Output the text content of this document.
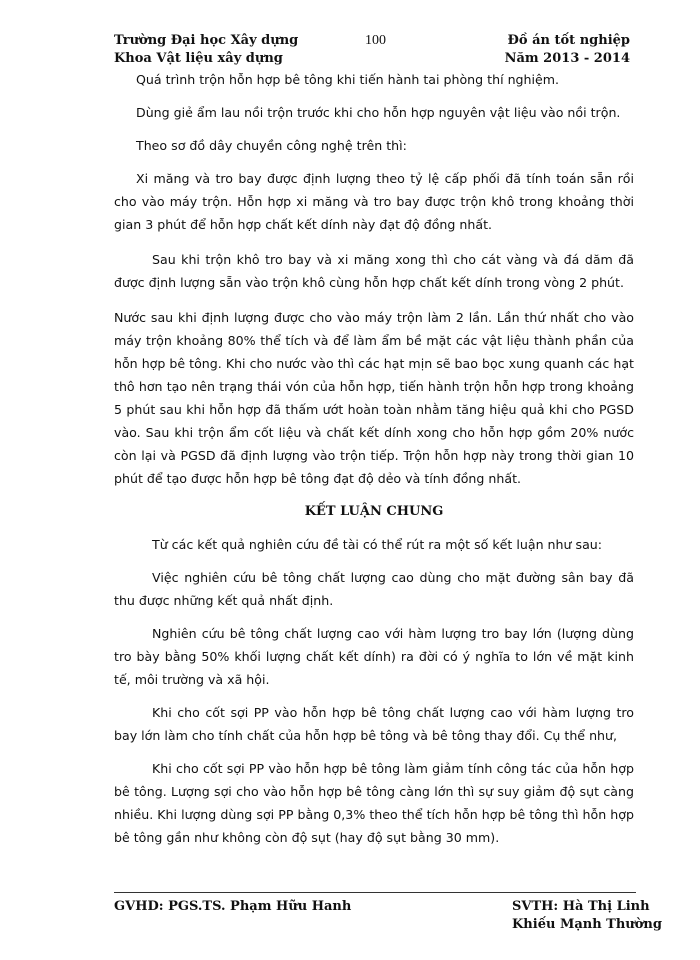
Trường Đại học Xây dựng
Khoa Vật liệu xây dựng
100	Đồ án tốt nghiệp
Năm 2013 - 2014

Quá trình trộn hỗn hợp bê tông khi tiến hành tai phòng thí nghiệm.

Dùng giẻ ẩm lau nồi trộn trước khi cho hỗn hợp nguyên vật liệu vào nồi trộn.

Theo sơ đồ dây chuyền công nghệ trên thì:

Xi măng và tro bay được định lượng theo tỷ lệ cấp phối đã tính toán sẵn rồi cho vào máy trộn. Hỗn hợp xi măng và tro bay được trộn khô trong khoảng thời gian 3 phút để hỗn hợp chất kết dính này đạt độ đồng nhất.

Sau khi trộn khô tro bay và xi măng xong thì cho cát vàng và đá dăm đã được định lượng sẵn vào trộn khô cùng hỗn hợp chất kết dính trong vòng 2 phút.

Nước sau khi định lượng được cho vào máy trộn làm 2 lần. Lần thứ nhất cho vào máy trộn khoảng 80% thể tích và để làm ẩm bề mặt các vật liệu thành phần của hỗn hợp bê tông. Khi cho nước vào thì các hạt mịn sẽ bao bọc xung quanh các hạt thô hơn tạo nên trạng thái vón của hỗn hợp, tiến hành trộn hỗn hợp trong khoảng 5 phút sau khi hỗn hợp đã thấm ướt hoàn toàn nhằm tăng hiệu quả khi cho PGSD vào. Sau khi trộn ẩm cốt liệu và chất kết dính xong cho hỗn hợp gồm 20% nước còn lại và PGSD đã định lượng vào trộn tiếp. Trộn hỗn hợp này trong thời gian 10 phút để tạo được hỗn hợp bê tông đạt độ dẻo và tính đồng nhất.

KẾT LUẬN CHUNG

Từ các kết quả nghiên cứu đề tài có thể rút ra một số kết luận như sau:

Việc nghiên cứu bê tông chất lượng cao dùng cho mặt đường sân bay đã thu được những kết quả nhất định.

Nghiên cứu bê tông chất lượng cao với hàm lượng tro bay lớn (lượng dùng tro bày bằng 50% khối lượng chất kết dính) ra đời có ý nghĩa to lớn về mặt kinh tế, môi trường và xã hội.

Khi cho cốt sợi PP vào hỗn hợp bê tông chất lượng cao với hàm lượng tro bay lớn làm cho tính chất của hỗn hợp bê tông và bê tông thay đổi. Cụ thể như,

Khi cho cốt sợi PP vào hỗn hợp bê tông làm giảm tính công tác của hỗn hợp bê tông. Lượng sợi cho vào hỗn hợp bê tông càng lớn thì sự suy giảm độ sụt càng nhiều. Khi lượng dùng sợi PP bằng 0,3% theo thể tích hỗn hợp bê tông thì hỗn hợp bê tông gần như không còn độ sụt (hay độ sụt bằng 30 mm).

GVHD: PGS.TS. Phạm Hữu Hanh	SVTH: Hà Thị Linh
Khiếu Mạnh Thường
